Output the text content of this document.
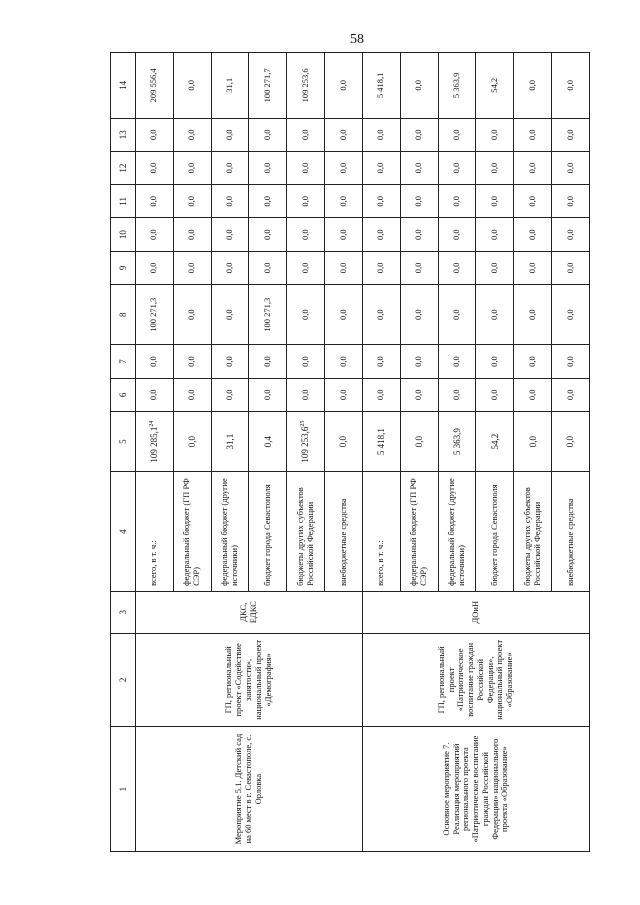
58
1	2	3	4	5	6	7	8	9	10	11	12	13	14
Мероприятие 5.1. Детский сад на 60 мест в г. Севастополе, с. Орловка	ГП, региональный проект «Содействие занятости», национальный проект «Демография»	ДКС, ЕДКС	всего, в т. ч.:	109 285,1$^{24}$	0,0	0,0	100 271,3	0,0	0,0	0,0	0,0	0,0	209 556,4
			федеральный бюджет (ГП РФ СЭР)	0,0	0,0	0,0	0,0	0,0	0,0	0,0	0,0	0,0	0,0
			федеральный бюджет (другие источники)	31,1	0,0	0,0	0,0	0,0	0,0	0,0	0,0	0,0	31,1
			бюджет города Севастополя	0,4	0,0	0,0	100 271,3	0,0	0,0	0,0	0,0	0,0	100 271,7
			бюджеты других субъектов Российской Федерации	109 253,6$^{25}$	0,0	0,0	0,0	0,0	0,0	0,0	0,0	0,0	109 253,6
			внебюджетные средства	0,0	0,0	0,0	0,0	0,0	0,0	0,0	0,0	0,0	0,0
Основное мероприятие 7. Реализация мероприятий регионального проекта «Патриотическое воспитание граждан Российской Федерации» национального проекта «Образование»	ГП, региональный проект «Патриотическое воспитание граждан Российской Федерации», национальный проект «Образование»	ДОиН	всего, в т. ч.:	5 418,1	0,0	0,0	0,0	0,0	0,0	0,0	0,0	0,0	5 418,1
			федеральный бюджет (ГП РФ СЭР)	0,0	0,0	0,0	0,0	0,0	0,0	0,0	0,0	0,0	0,0
			федеральный бюджет (другие источники)	5 363,9	0,0	0,0	0,0	0,0	0,0	0,0	0,0	0,0	5 363,9
			бюджет города Севастополя	54,2	0,0	0,0	0,0	0,0	0,0	0,0	0,0	0,0	54,2
			бюджеты других субъектов Российской Федерации	0,0	0,0	0,0	0,0	0,0	0,0	0,0	0,0	0,0	0,0
			внебюджетные средства	0,0	0,0	0,0	0,0	0,0	0,0	0,0	0,0	0,0	0,0
